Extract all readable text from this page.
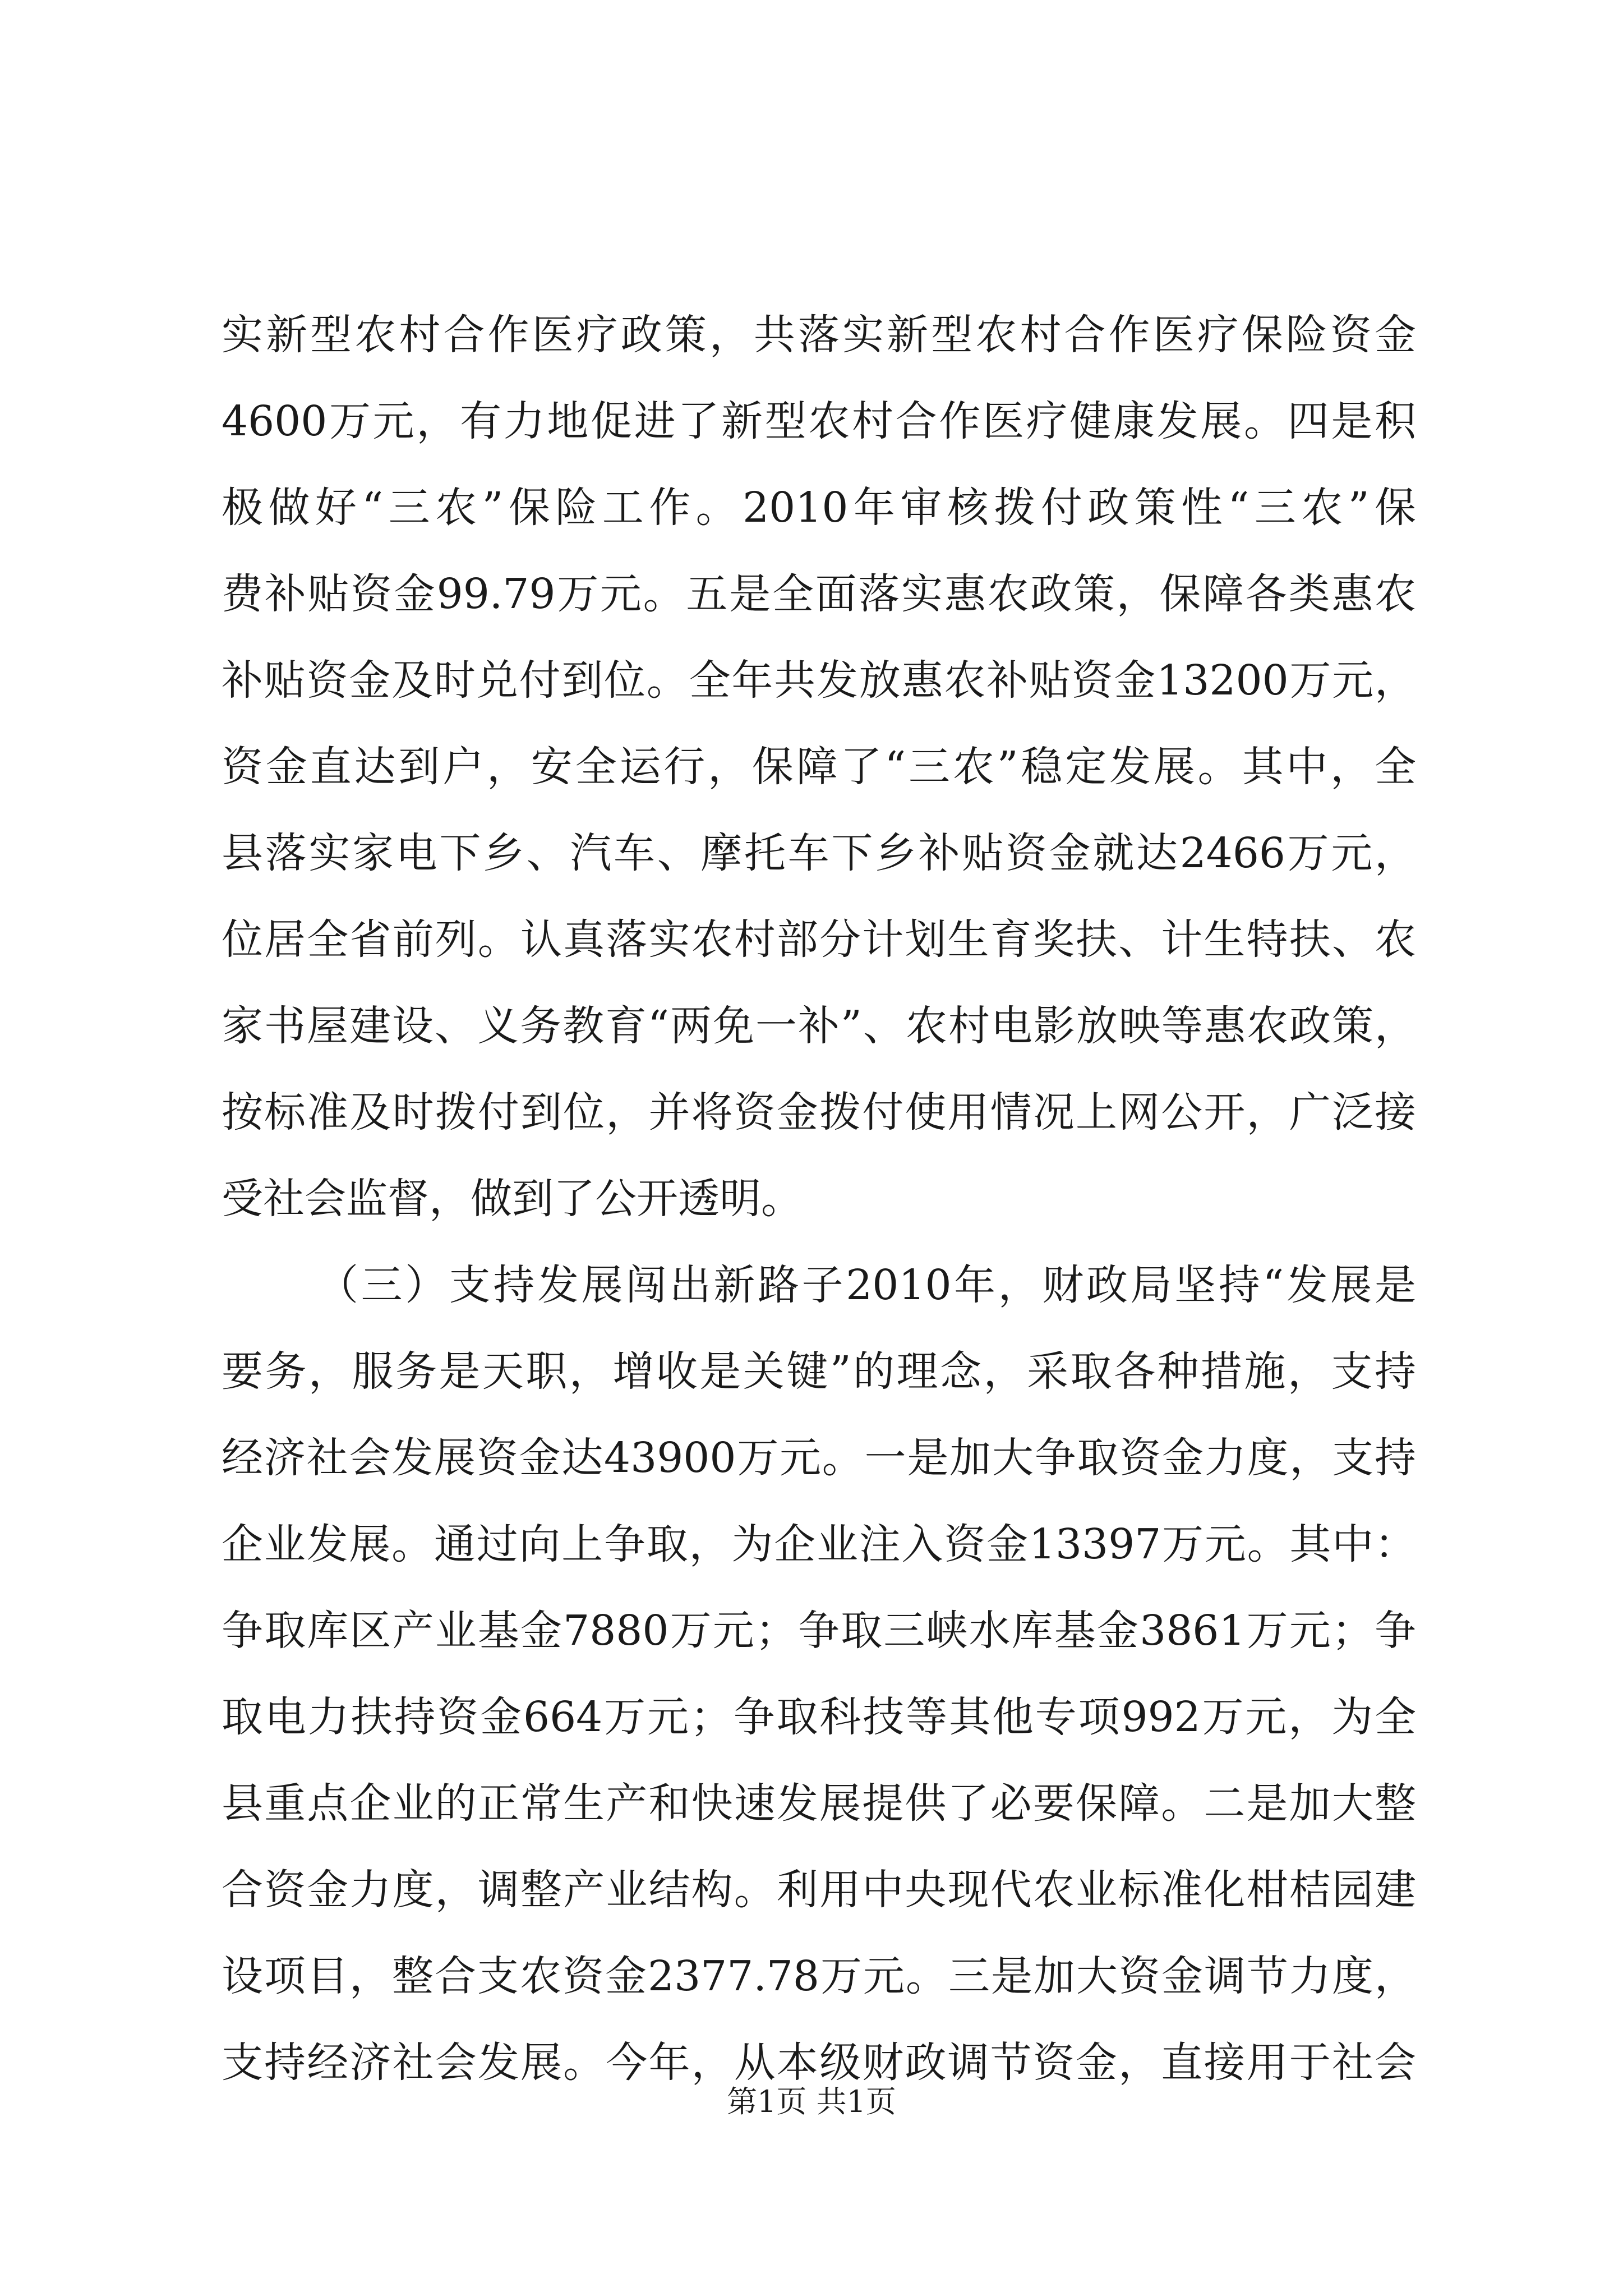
实新型农村合作医疗政策，共落实新型农村合作医疗保险资金
4600万元，有力地促进了新型农村合作医疗健康发展。四是积
极做好“三农”保险工作。2010年审核拨付政策性“三农”保
费补贴资金99.79万元。五是全面落实惠农政策，保障各类惠农
补贴资金及时兑付到位。全年共发放惠农补贴资金13200万元，
资金直达到户，安全运行，保障了“三农”稳定发展。其中，全
县落实家电下乡、汽车、摩托车下乡补贴资金就达2466万元，
位居全省前列。认真落实农村部分计划生育奖扶、计生特扶、农
家书屋建设、义务教育“两免一补”、农村电影放映等惠农政策，
按标准及时拨付到位，并将资金拨付使用情况上网公开，广泛接
受社会监督，做到了公开透明。
（三）支持发展闯出新路子2010年，财政局坚持“发展是
要务，服务是天职，增收是关键”的理念，采取各种措施，支持
经济社会发展资金达43900万元。一是加大争取资金力度，支持
企业发展。通过向上争取，为企业注入资金13397万元。其中：
争取库区产业基金7880万元；争取三峡水库基金3861万元；争
取电力扶持资金664万元；争取科技等其他专项992万元，为全
县重点企业的正常生产和快速发展提供了必要保障。二是加大整
合资金力度，调整产业结构。利用中央现代农业标准化柑桔园建
设项目，整合支农资金2377.78万元。三是加大资金调节力度，
支持经济社会发展。今年，从本级财政调节资金，直接用于社会
第1页 共1页
